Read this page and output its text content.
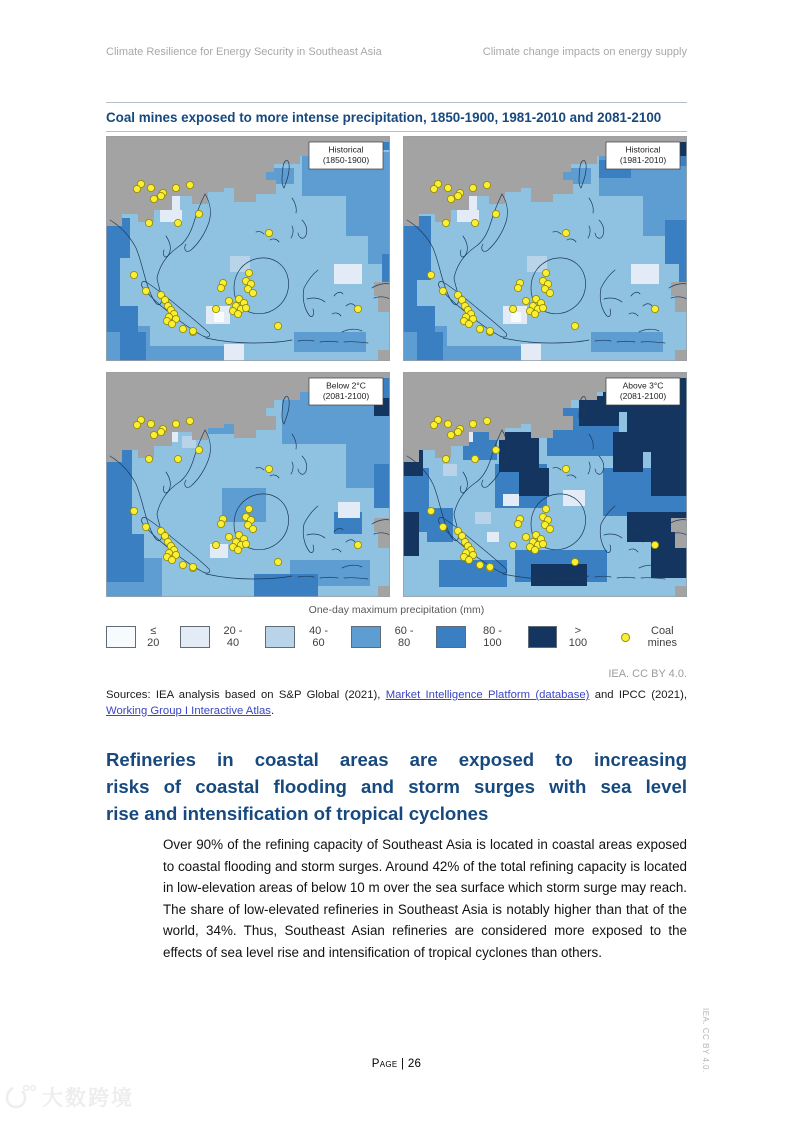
Climate Resilience for Energy Security in Southeast Asia	Climate change impacts on energy supply
Coal mines exposed to more intense precipitation, 1850-1900, 1981-2010 and 2081-2100
Historical
(1850-1900)
Historical
(1981-2010)
Below 2°C
(2081-2100)
Above 3°C
(2081-2100)
One-day maximum precipitation (mm)
≤ 20
20 - 40
40 - 60
60 - 80
80 - 100
> 100
Coal mines
IEA. CC BY 4.0.
Sources: IEA analysis based on S&P Global (2021), Market Intelligence Platform (database) and IPCC (2021), Working Group I Interactive Atlas.
Refineries in coastal areas are exposed to increasing
risks of coastal flooding and storm surges with sea level
rise and intensification of tropical cyclones
Over 90% of the refining capacity of Southeast Asia is located in coastal areas exposed to coastal flooding and storm surges. Around 42% of the total refining capacity is located in low-elevation areas of below 10 m over the sea surface which storm surge may reach. The share of low-elevated refineries in Southeast Asia is notably higher than that of the world, 34%. Thus, Southeast Asian refineries are considered more exposed to the effects of sea level rise and intensification of tropical cyclones than others.
Page | 26	IEA. CC BY 4.0.
大数跨境
